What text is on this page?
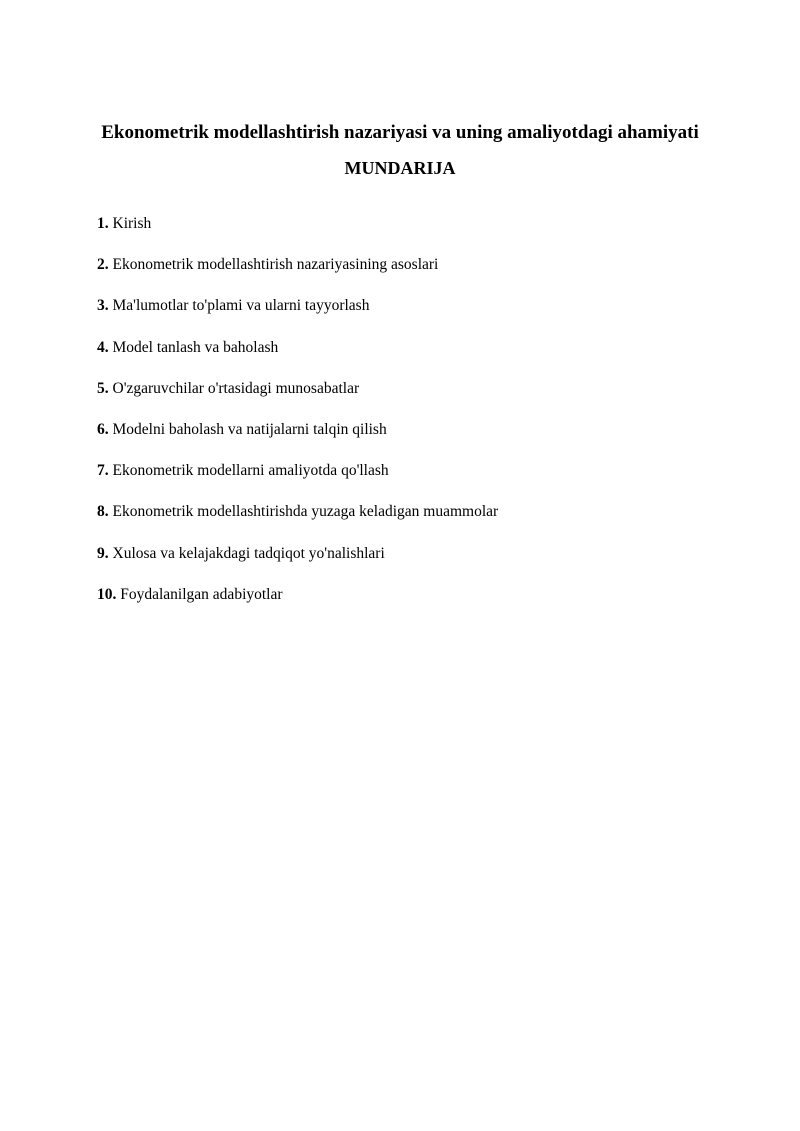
Ekonometrik modellashtirish nazariyasi va uning amaliyotdagi ahamiyati
MUNDARIJA
1. Kirish
2. Ekonometrik modellashtirish nazariyasining asoslari
3. Ma'lumotlar to'plami va ularni tayyorlash
4. Model tanlash va baholash
5. O'zgaruvchilar o'rtasidagi munosabatlar
6. Modelni baholash va natijalarni talqin qilish
7. Ekonometrik modellarni amaliyotda qo'llash
8. Ekonometrik modellashtirishda yuzaga keladigan muammolar
9. Xulosa va kelajakdagi tadqiqot yo'nalishlari
10. Foydalanilgan adabiyotlar
